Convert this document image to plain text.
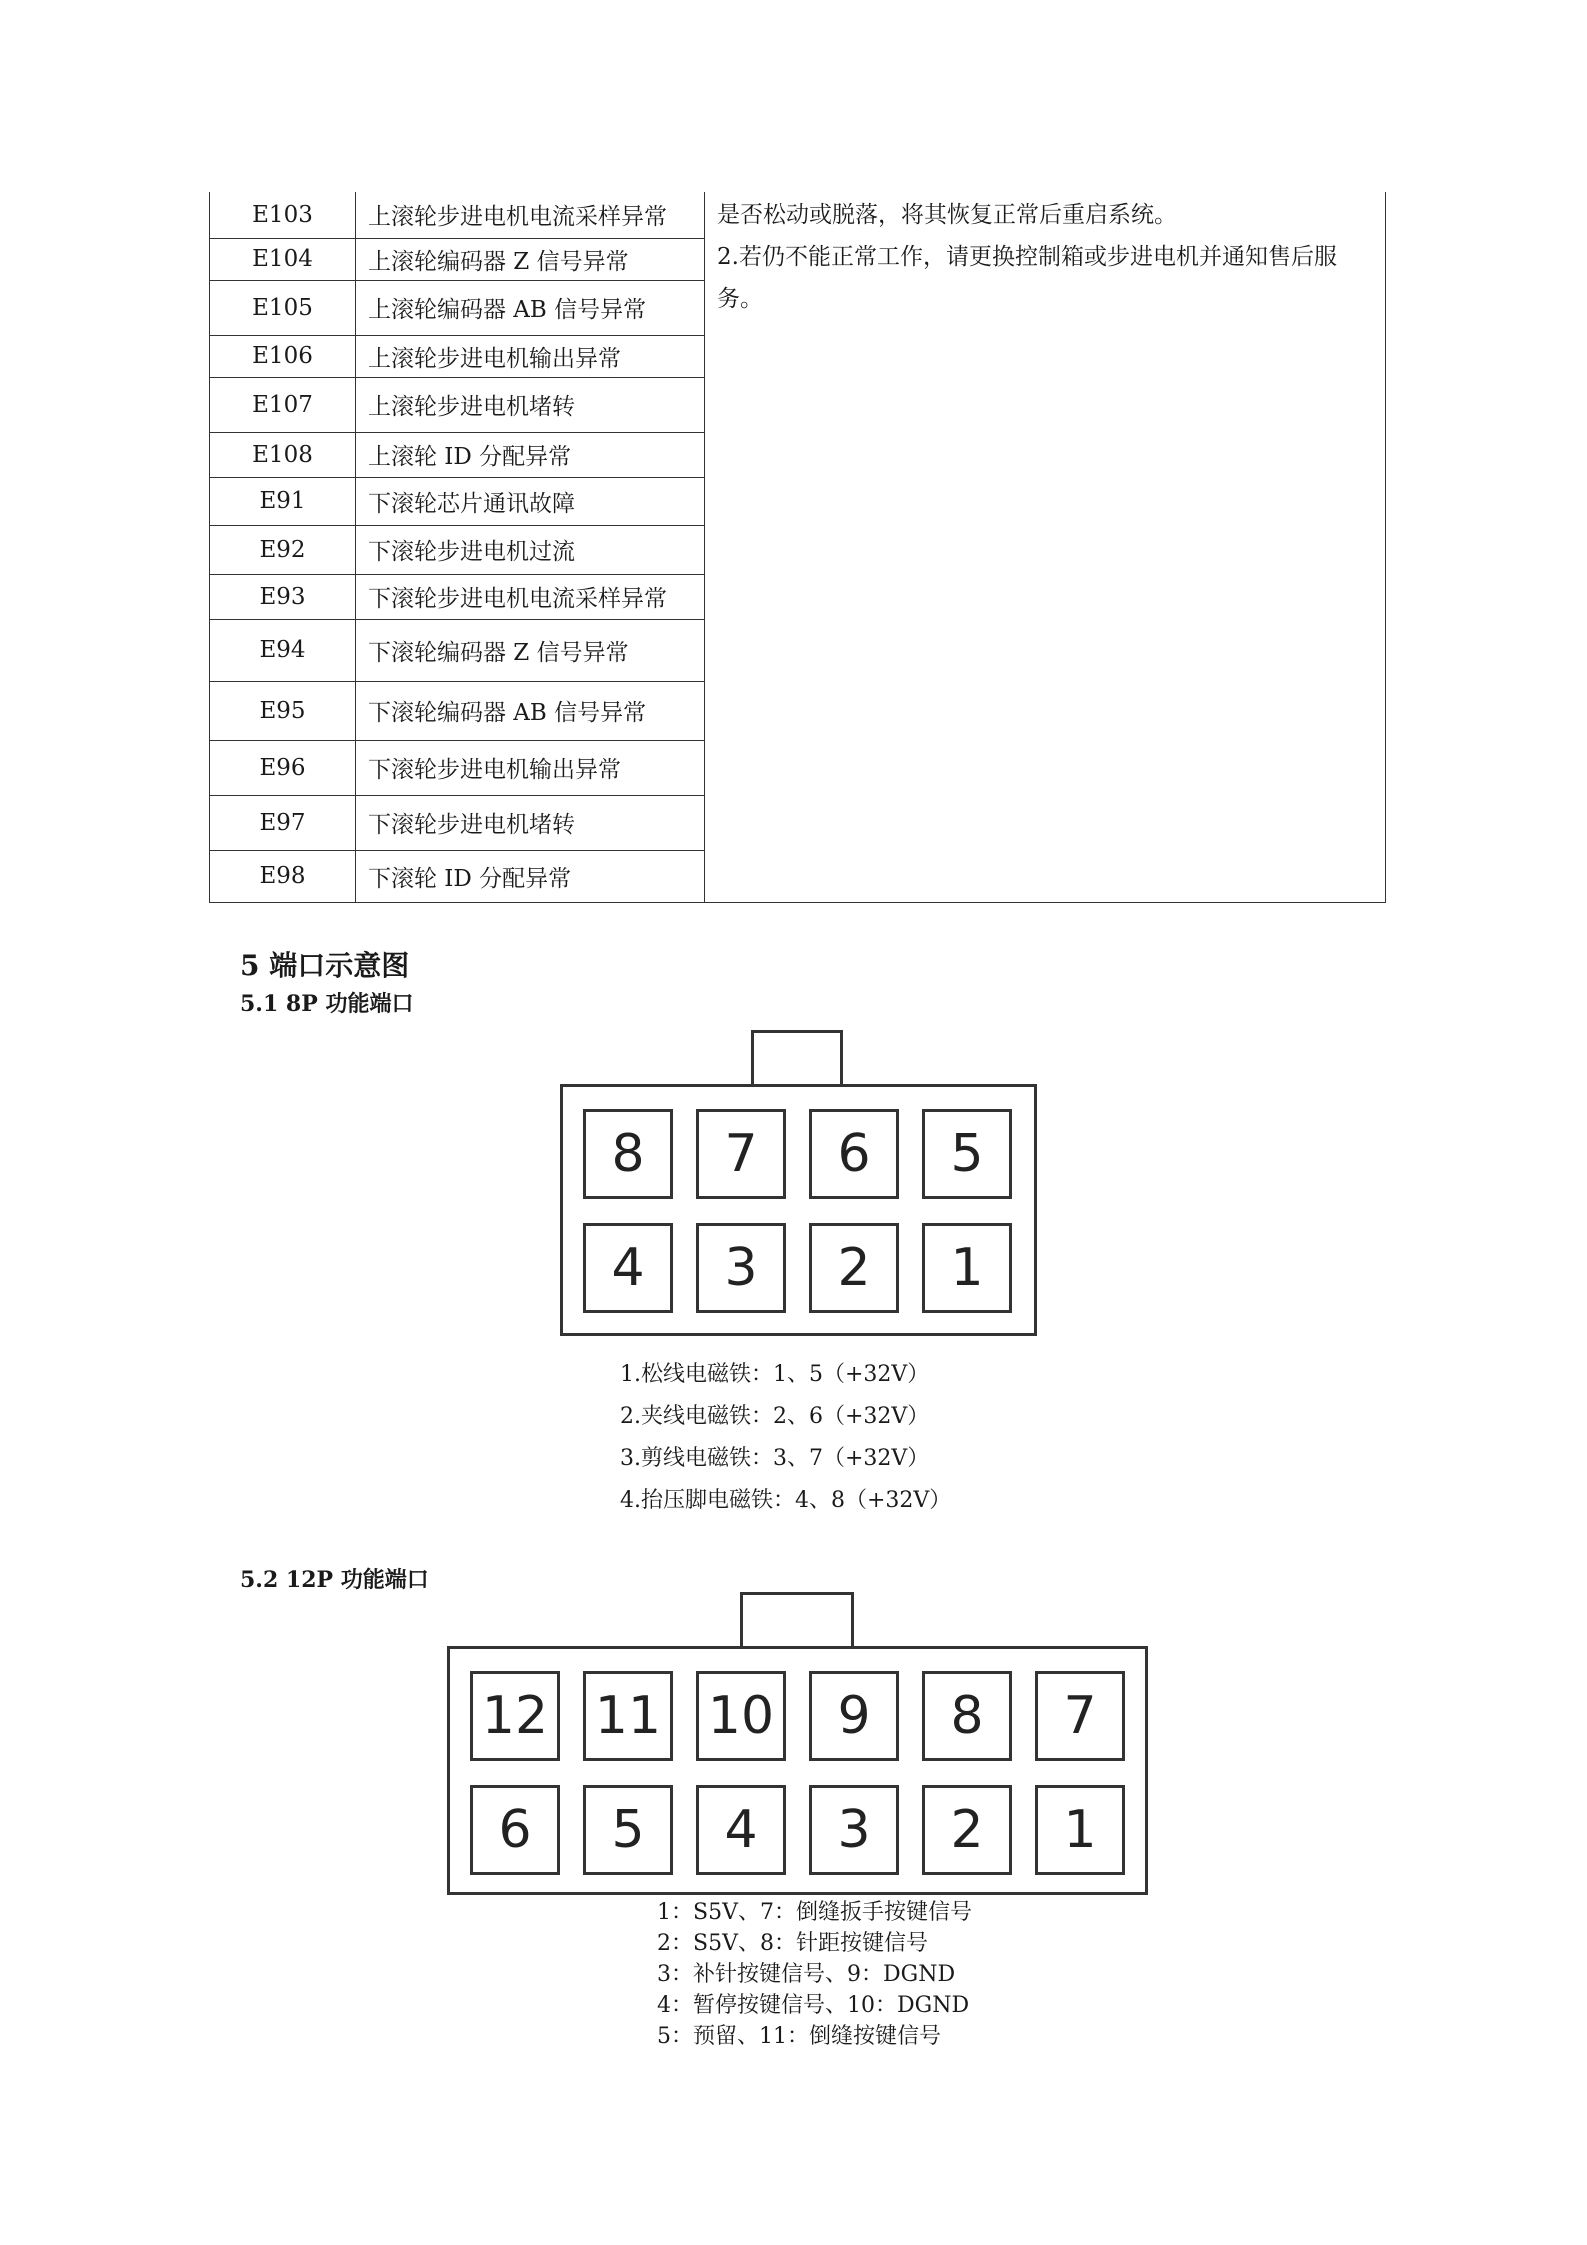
E103	上滚轮步进电机电流采样异常	是否松动或脱落，将其恢复正常后重启系统。

2.若仍不能正常工作，请更换控制箱或步进电机并通知售后服务。

E104	上滚轮编码器 Z 信号异常	
E105	上滚轮编码器 AB 信号异常	
E106	上滚轮步进电机输出异常	
E107	上滚轮步进电机堵转	
E108	上滚轮 ID 分配异常	
E91	下滚轮芯片通讯故障	
E92	下滚轮步进电机过流	
E93	下滚轮步进电机电流采样异常	
E94	下滚轮编码器 Z 信号异常	
E95	下滚轮编码器 AB 信号异常	
E96	下滚轮步进电机输出异常	
E97	下滚轮步进电机堵转	
E98	下滚轮 ID 分配异常	
5 端口示意图
5.1 8P 功能端口
8	7	6	5
4	3	2	1
1.松线电磁铁：1、5（+32V）
2.夹线电磁铁：2、6（+32V）
3.剪线电磁铁：3、7（+32V）
4.抬压脚电磁铁：4、8（+32V）
5.2 12P 功能端口
12 11 10	9	8	7
6	5	4	3	2	1
1：S5V、7：倒缝扳手按键信号
2：S5V、8：针距按键信号
3：补针按键信号、9：DGND
4：暂停按键信号、10：DGND
5：预留、11：倒缝按键信号
